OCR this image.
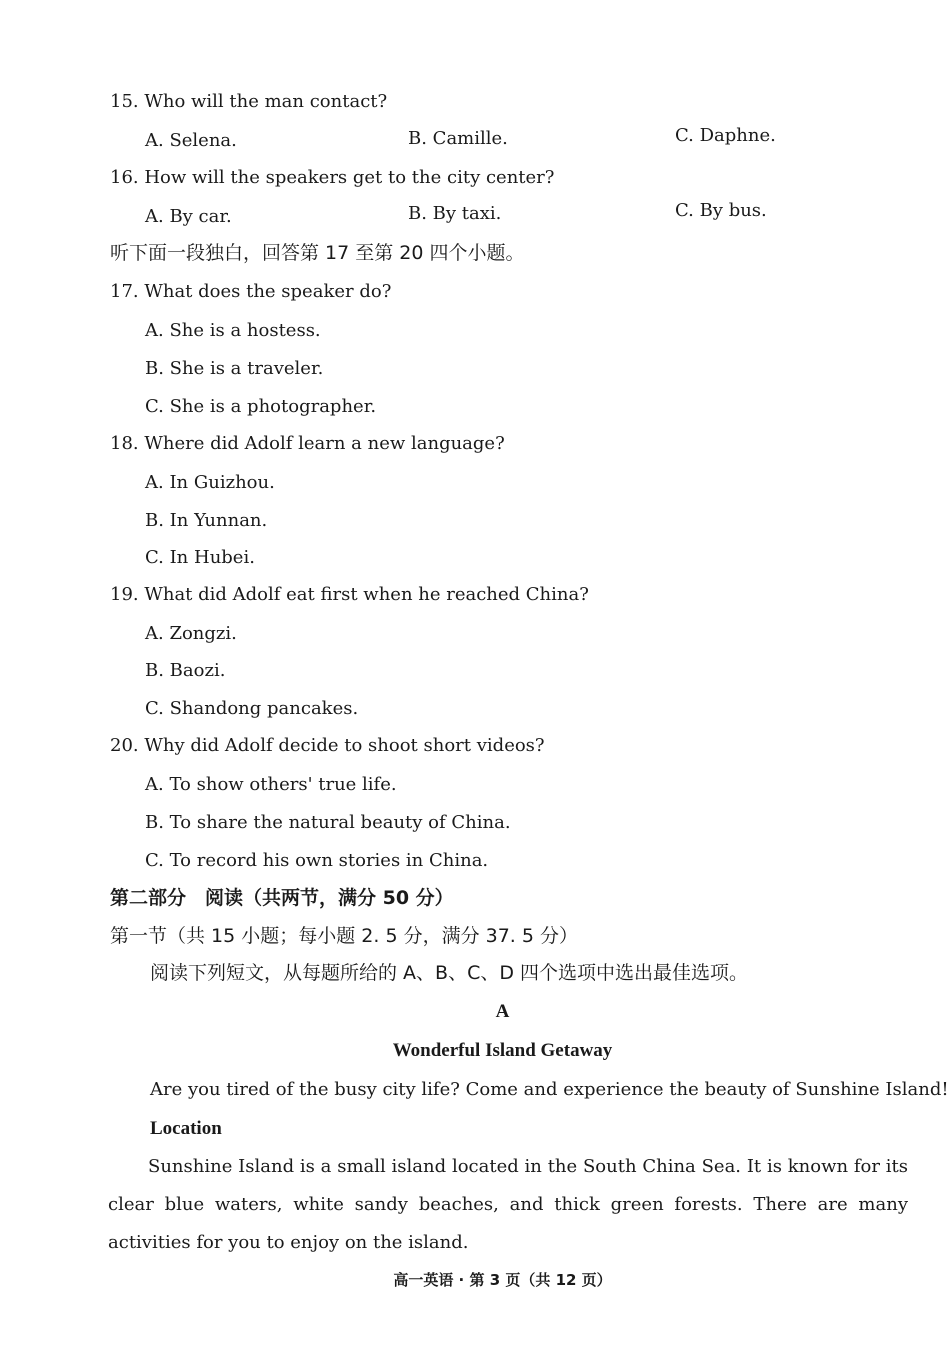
15. Who will the man contact?
A. Selena.	B. Camille.	C. Daphne.
16. How will the speakers get to the city center?
A. By car.	B. By taxi.	C. By bus.
听下面一段独白，回答第 17 至第 20 四个小题。
17. What does the speaker do?
A. She is a hostess.
B. She is a traveler.
C. She is a photographer.
18. Where did Adolf learn a new language?
A. In Guizhou.
B. In Yunnan.
C. In Hubei.
19. What did Adolf eat first when he reached China?
A. Zongzi.
B. Baozi.
C. Shandong pancakes.
20. Why did Adolf decide to shoot short videos?
A. To show others' true life.
B. To share the natural beauty of China.
C. To record his own stories in China.
第二部分　阅读（共两节，满分 50 分）
第一节（共 15 小题；每小题 2. 5 分，满分 37. 5 分）
阅读下列短文，从每题所给的 A、B、C、D 四个选项中选出最佳选项。
A
Wonderful Island Getaway
Are you tired of the busy city life? Come and experience the beauty of Sunshine Island!
Location
Sunshine Island is a small island located in the South China Sea. It is known for its clear blue waters, white sandy beaches, and thick green forests. There are many activities for you to enjoy on the island.
高一英语 · 第 3 页（共 12 页）
